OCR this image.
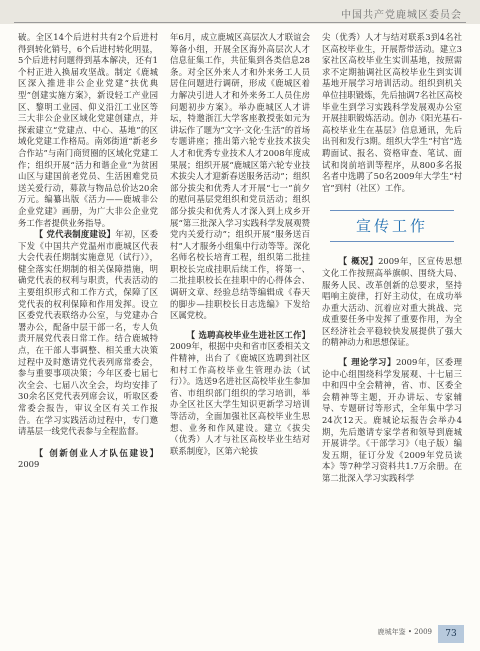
中国共产党鹿城区委员会

破。全区14个后进村共有2个后进村得到转化销号，6个后进村转化明显，5个后进村问题得到基本解决，还有1个村正进入换届攻坚战。制定《鹿城区深入推进非公企业党建“扶优典型”创建实施方案》，新设轻工产业园区、黎明工业园、仰义沿江工业区等三大非公企业区域化党建创建点，并探索建立“党建点、中心、基地”的区域化党建工作格局。南郊街道“新老乡合作站”与南门商贸圈的区域化党建工作；组织开展“活力和谐企业”为贫困山区与建国前老党员、生活困难党员送关爱行动，募款与物品总价达20余万元。编纂出版《活力——鹿城非公企业党建》画册，为广大非公企业党务工作者提供业务指导。

【 党代表制度建设】年初，区委下发《中国共产党温州市鹿城区代表大会代表任期制实施意见（试行）》，健全落实任期制的相关保障措施，明确党代表的权利与职责，代表活动的主要组织形式和工作方式，保障了区党代表的权利保障和作用发挥。设立区委党代表联络办公室，与党建办合署办公，配备中层干部一名，专人负责开展党代表日常工作。结合鹿城特点，在干部人事调整、相关重大决策过程中及时邀请党代表列席常委会，参与重要事项决策；今年区委七届七次全会、七届八次全会，均均安排了30余名区党代表列席会议，听取区委常委会报告，审议全区有关工作报告。在学习实践活动过程中，专门邀请基层一线党代表参与全程监督。

【 创新创业人才队伍建设】2009

年6月，成立鹿城区高层次人才联谊会筹备小组，开展全区海外高层次人才信息征集工作，共征集到各类信息28条。对全区外来人才和外来务工人员居住问题进行调研，形成《鹿城区着力解决引进人才和外来务工人员住房问题初步方案》。举办鹿城区人才讲坛，特邀浙江大学客座教授张如元为讲坛作了题为“文字·文化·生活”的首场专题讲座；推出第六轮专业技术拔尖人才和优秀专业技术人才2008年度成果展；组织开展“鹿城区第六轮专业技术拔尖人才迎新春送服务活动”；组织部分拔尖和优秀人才开展“七一”前夕的慰问基层党组织和党员活动；组织部分拔尖和优秀人才深入到上戍乡开展“第三批深入学习实践科学发展观赞党内关爱行动”；组织开展“服务送百村”人才服务小组集中行动等等。深化名师名校长培育工程，组织第二批挂职校长完成挂职后续工作，将第一、二批挂职校长在挂职中的心得体会、调研文章、经验总结等编辑成《春天的脚步—挂职校长日志选编》下发给区属党校。

【 选聘高校毕业生进社区工作】2009年，根据中央和省市区委相关文件精神，出台了《鹿城区选聘到社区和村工作高校毕业生管理办法（试行）》。选送9名进社区高校毕业生参加省、市组织部门组织的学习培训，举办全区社区大学生知识更新学习培训等活动，全面加强社区高校毕业生思想、业务和作风建设。建立《拔尖（优秀）人才与社区高校毕业生结对联系制度》，区第六轮拔

尖（优秀）人才与结对联系3到4名社区高校毕业生，开展帮带活动。建立3家社区高校毕业生实训基地，按照需求不定期抽调社区高校毕业生到实训基地开展学习培训活动。组织到机关单位挂职锻炼，先后抽调7名社区高校毕业生到学习实践科学发展观办公室开展挂职锻炼活动。创办《阳光基石-高校毕业生在基层》信息通讯，先后出刊和发行3期。组织大学生“村官”选聘面试、报名、资格审查、笔试、面试和岗前培训等程序，从800多名报名者中选聘了50名2009年大学生“村官”到村（社区）工作。

宣传工作

【 概况】2009年，区宣传思想文化工作按照高举旗帜、围绕大局、服务人民、改革创新的总要求，坚持唱响主旋律，打好主动仗，在成功举办重大活动、沉着应对重大挑战、完成重要任务中发挥了重要作用，为全区经济社会平稳较快发展提供了强大的精神动力和思想保证。

【 理论学习】2009年，区委理论中心组围绕科学发展观、十七届三中和四中全会精神，省、市、区委全会精神等主题，开办讲坛、专家辅导、专题研讨等形式，全年集中学习24次12天。鹿城论坛报告会举办4期，先后邀请专家学者和领导到鹿城开展讲学。《干部学习》（电子版）编发五期，征订分发《2009年党员读本》等7种学习资料共1.7万余册。在第二批深入学习实践科学

鹿城年鉴 • 2009	73
